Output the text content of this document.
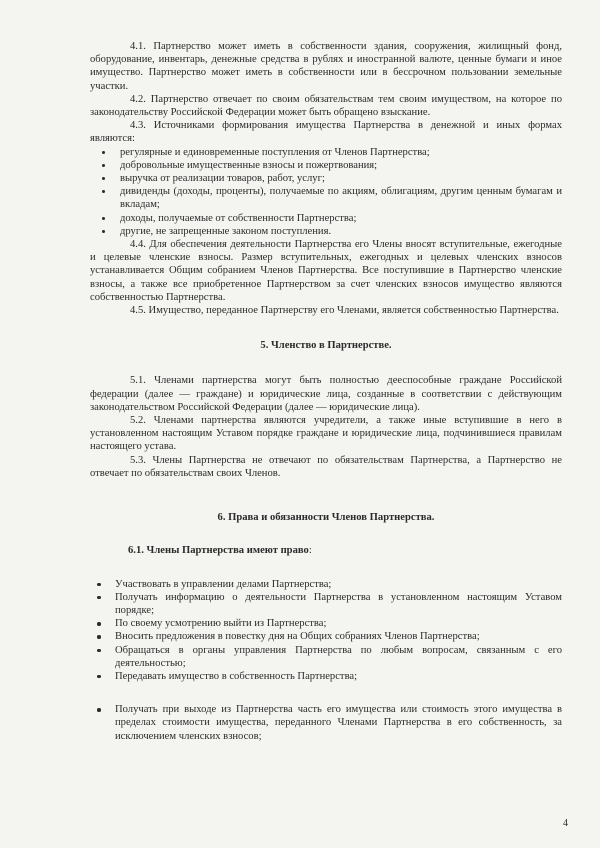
4.1. Партнерство может иметь в собственности здания, сооружения, жилищный фонд, оборудование, инвентарь, денежные средства в рублях и иностранной валюте, ценные бумаги и иное имущество. Партнерство может иметь в собственности или в бессрочном пользовании земельные участки.

4.2. Партнерство отвечает по своим обязательствам тем своим имуществом, на которое по законодательству Российской Федерации может быть обращено взыскание.

4.3. Источниками формирования имущества Партнерства в денежной и иных формах являются:

регулярные и единовременные поступления от Членов Партнерства;
добровольные имущественные взносы и пожертвования;
выручка от реализации товаров, работ, услуг;
дивиденды (доходы, проценты), получаемые по акциям, облигациям, другим ценным бумагам и вкладам;
доходы, получаемые от собственности Партнерства;
другие, не запрещенные законом поступления.

4.4. Для обеспечения деятельности Партнерства его Члены вносят вступительные, ежегодные и целевые членские взносы. Размер вступительных, ежегодных и целевых членских взносов устанавливается Общим собранием Членов Партнерства. Все поступившие в Партнерство членские взносы, а также все приобретенное Партнерством за счет членских взносов имущество являются собственностью Партнерства.

4.5. Имущество, переданное Партнерству его Членами, является собственностью Партнерства.

5. Членство в Партнерстве.

5.1. Членами партнерства могут быть полностью дееспособные граждане Российской федерации (далее — граждане) и юридические лица, созданные в соответствии с действующим законодательством Российской Федерации (далее — юридические лица).

5.2. Членами партнерства являются учредители, а также иные вступившие в него в установленном настоящим Уставом порядке граждане и юридические лица, подчинившиеся правилам настоящего устава.

5.3. Члены Партнерства не отвечают по обязательствам Партнерства, а Партнерство не отвечает по обязательствам своих Членов.

6. Права и обязанности Членов Партнерства.

6.1. Члены Партнерства имеют право:

Участвовать в управлении делами Партнерства;
Получать информацию о деятельности Партнерства в установленном настоящим Уставом порядке;
По своему усмотрению выйти из Партнерства;
Вносить предложения в повестку дня на Общих собраниях Членов Партнерства;
Обращаться в органы управления Партнерства по любым вопросам, связанным с его деятельностью;
Передавать имущество в собственность Партнерства;
Получать при выходе из Партнерства часть его имущества или стоимость этого имущества в пределах стоимости имущества, переданного Членами Партнерства в его собственность, за исключением членских взносов;
4
